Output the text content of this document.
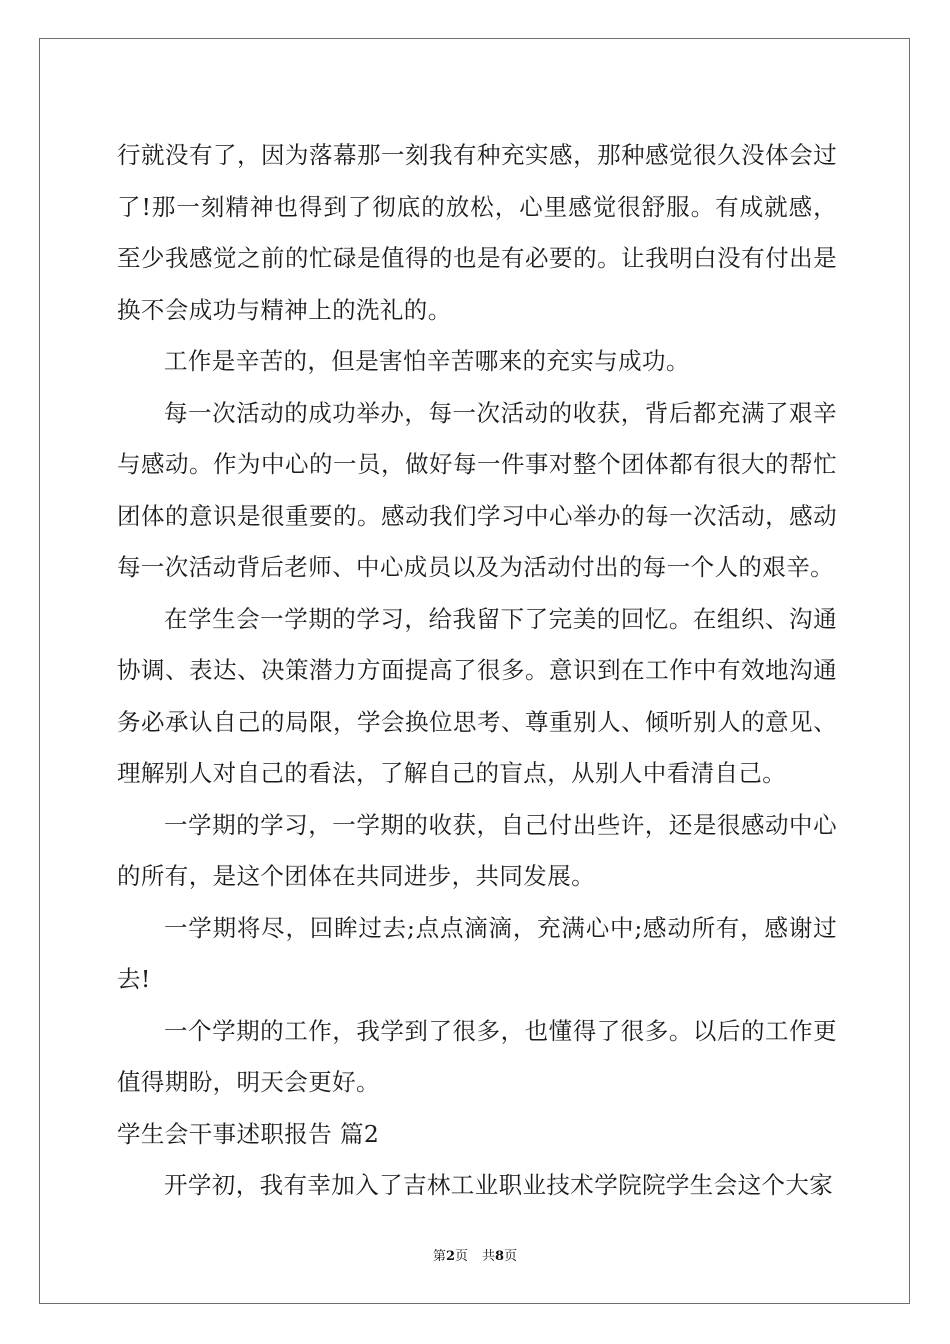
行就没有了，因为落幕那一刻我有种充实感，那种感觉很久没体会过了!那一刻精神也得到了彻底的放松，心里感觉很舒服。有成就感，至少我感觉之前的忙碌是值得的也是有必要的。让我明白没有付出是换不会成功与精神上的洗礼的。

工作是辛苦的，但是害怕辛苦哪来的充实与成功。

每一次活动的成功举办，每一次活动的收获，背后都充满了艰辛与感动。作为中心的一员，做好每一件事对整个团体都有很大的帮忙团体的意识是很重要的。感动我们学习中心举办的每一次活动，感动每一次活动背后老师、中心成员以及为活动付出的每一个人的艰辛。

在学生会一学期的学习，给我留下了完美的回忆。在组织、沟通协调、表达、决策潜力方面提高了很多。意识到在工作中有效地沟通务必承认自己的局限，学会换位思考、尊重别人、倾听别人的意见、理解别人对自己的看法，了解自己的盲点，从别人中看清自己。

一学期的学习，一学期的收获，自己付出些许，还是很感动中心的所有，是这个团体在共同进步，共同发展。

一学期将尽，回眸过去;点点滴滴，充满心中;感动所有，感谢过去!

一个学期的工作，我学到了很多，也懂得了很多。以后的工作更值得期盼，明天会更好。

学生会干事述职报告 篇2

开学初，我有幸加入了吉林工业职业技术学院院学生会这个大家

第2页 共8页
